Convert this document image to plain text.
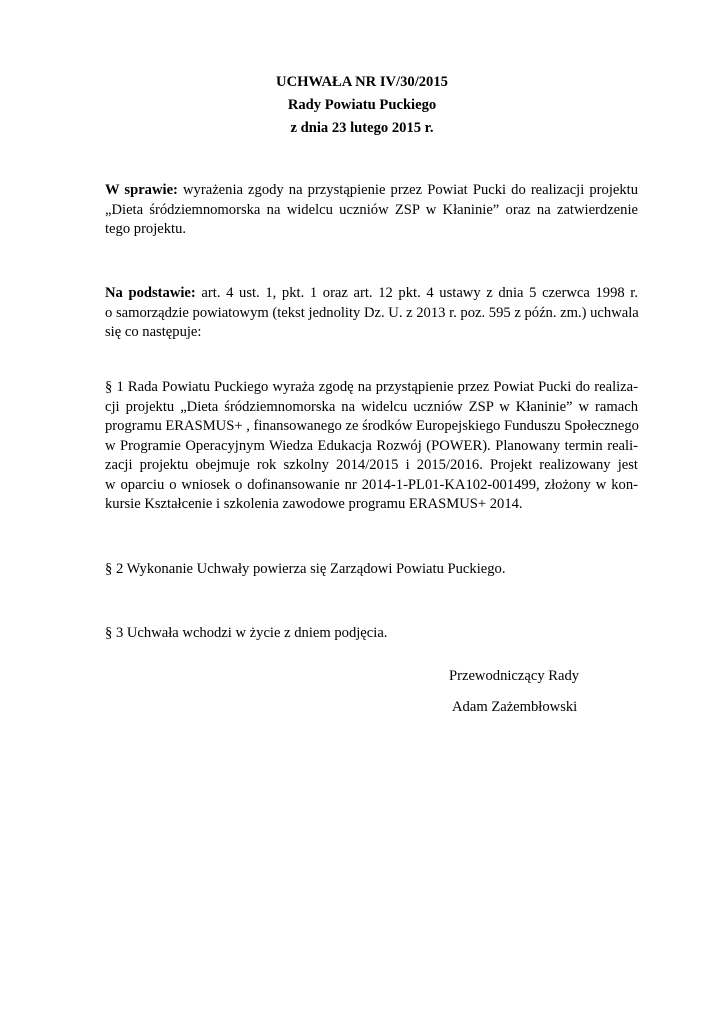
UCHWAŁA NR IV/30/2015
Rady Powiatu Puckiego
z dnia 23 lutego 2015 r.
W sprawie: wyrażenia zgody na przystąpienie przez Powiat Pucki do realizacji projektu
„Dieta śródziemnomorska na widelcu uczniów ZSP w Kłaninie” oraz na zatwierdzenie
tego projektu.
Na podstawie: art. 4 ust. 1, pkt. 1 oraz art. 12 pkt. 4 ustawy z dnia 5 czerwca 1998 r.
o samorządzie powiatowym (tekst jednolity Dz. U. z 2013 r. poz. 595 z późn. zm.) uchwala
się co następuje:
§ 1 Rada Powiatu Puckiego wyraża zgodę na przystąpienie przez Powiat Pucki do realiza-
cji projektu „Dieta śródziemnomorska na widelcu uczniów ZSP w Kłaninie” w ramach
programu ERASMUS+ , finansowanego ze środków Europejskiego Funduszu Społecznego
w Programie Operacyjnym Wiedza Edukacja Rozwój (POWER). Planowany termin reali-
zacji projektu obejmuje rok szkolny 2014/2015 i 2015/2016. Projekt realizowany jest
w oparciu o wniosek o dofinansowanie nr 2014-1-PL01-KA102-001499, złożony w kon-
kursie Kształcenie i szkolenia zawodowe programu ERASMUS+ 2014.
§ 2 Wykonanie Uchwały powierza się Zarządowi Powiatu Puckiego.
§ 3 Uchwała wchodzi w życie z dniem podjęcia.
Przewodniczący Rady
Adam Zażembłowski
